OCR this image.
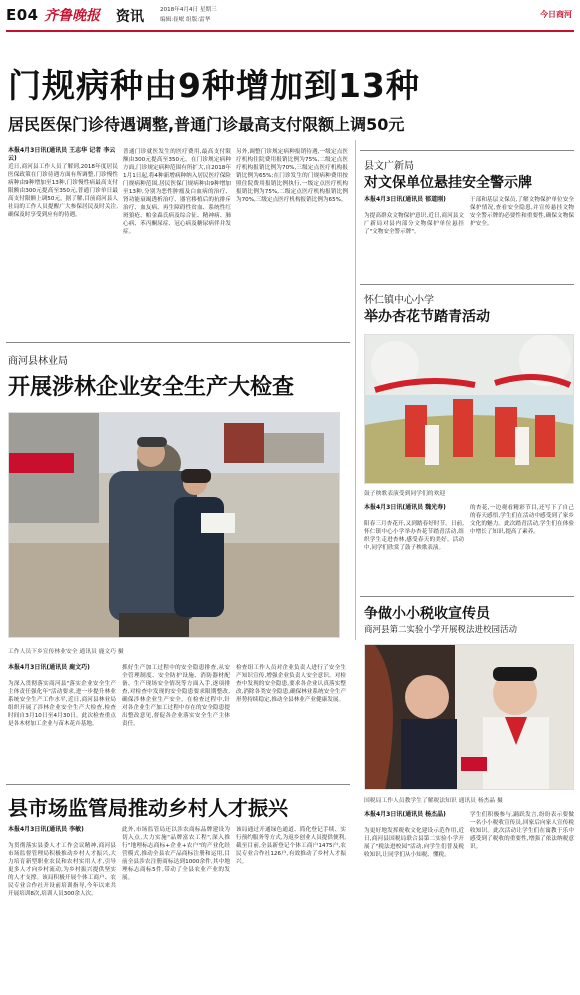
E04 齐鲁晚报 资讯	2018年4月4日 星期三
编辑:崔岷 组版:雷华
今日商河
门规病种由9种增加到13种
居民医保门诊待遇调整,普通门诊最高支付限额上调50元
本报4月3日讯(通讯员 王志华 记者 李云云)
近日,商河县工作人员了解到,2018年度居民医保政策在门诊待遇方面有所调整,门诊慢性病种由9种增加至13种,门诊慢性病最高支付限额由300元提高至350元,普通门诊单日最高支付限额上调50元。据了解,目前商河县人社局的工作人员提醒广大参保居民及时关注,确保及时享受到应有的待遇。
普通门诊就医发生的医疗费用,最高支付限额由300元提高至350元。在门诊规定病种方面,门诊规定病种范围有所扩大,自2018年1月1日起,将4种新增病种纳入居民医疗保险门规病种范围,居民医保门规病种由9种增加至13种,分别为恶性肿瘤及白血病的治疗、肾功能衰竭透析治疗、器官移植后的抗排斥治疗、血友病、再生障碍性贫血、系统性红斑狼疮、帕金森氏病及综合征、精神病、肺心病、苯丙酮尿症、冠心病及糖尿病伴并发症。
另外,调整门诊规定病种报销待遇,一级定点医疗机构住院费用报销比例为75%,二级定点医疗机构报销比例为70%,三级定点医疗机构报销比例为65%;在门诊发生的门规病种费用按照住院费用报销比例执行,一级定点医疗机构报销比例为75%,二级定点医疗机构报销比例为70%,三级定点医疗机构报销比例为65%。
商河县林业局
开展涉林企业安全生产大检查
工作人员下乡宣传林业安全 通讯员 鹿文巧 摄
本报4月3日讯(通讯员 鹿文巧)
为深入贯彻落实商河县"落实企业安全生产主体责任强化年"活动要求,进一步提升林业系统安全生产工作水平,近日,商河县林业局组织开展了涉林企业安全生产大检查,检查时间自3月10日至4月30日。此次检查重点是各木材加工企业与苗木花卉基地。
抓好生产加工过程中的安全隐患排查,从安全管理制度、安全防护设施、消防器材配备、生产现场安全情况等方面入手,逐项排查,对检查中发现的安全隐患要求限期整改,确保涉林企业生产安全。在检查过程中,针对各企业生产加工过程中存在的安全隐患提出整改意见,督促各企业落实安全生产主体责任。
检查组工作人员对企业负责人进行了安全生产知识宣传,增强企业负责人安全意识。对检查中发现的安全隐患,要求各企业认真落实整改,消除各类安全隐患,确保林业系统安全生产形势持续稳定,推动全县林业产业健康发展。
县市场监管局推动乡村人才振兴
本报4月3日讯(通讯员 李敏)
为贯彻落实县委人才工作会议精神,商河县市场监督管理局积极推动乡村人才振兴,大力培育新型职业农民和农村实用人才,引导更多人才向乡村流动,为乡村振兴提供坚实的人才支撑。该局积极开展个体工商户、农民专业合作社开设前培训指导,今年以来共开展培训8次,培训人员300余人次。
此外,市场监管局还以涉农商标品牌建设为切入点,大力实施"品牌富农工程",深入推行"地理标志商标+企业+农户"的产业化经营模式,推动全县农产品商标注册和运用,目前全县涉农注册商标达到1000余件,其中地理标志商标5件,带动了全县农业产业的发展。
该局通过开通绿色通道、简化登记手续、实行预约服务等方式,为返乡创业人员提供便利,截至目前,全县新登记个体工商户1475户,农民专业合作社126户,有效推动了乡村人才振兴。
县文广新局
对文保单位悬挂安全警示牌
本报4月3日讯(通讯员 郁道刚)
为提高群众文物保护意识,近日,商河县文广新局对县内部分文物保护单位悬挂了"文物安全警示牌"。
干部和基层文保员,了解文物保护单位安全保护情况,查看安全隐患,并宣传悬挂文物安全警示牌的必要性和重要性,确保文物保护安全。
怀仁镇中心小学
举办杏花节踏青活动
鼓子秧歌表演受到同学们的欢迎
本报4月3日讯(通讯员 魏光寿)
阳春三月杏花开,又到踏春好时节。日前,怀仁镇中心小学举办杏花节踏青活动,组织学生走进杏林,感受春天的美好。活动中,同学们欣赏了鼓子秧歌表演。
的杏花,一边观看精彩节目,还写下了自己的春天感悟,学生们在活动中感受到了家乡文化的魅力。此次踏青活动,学生们在体验中增长了知识,提高了素养。
争做小小税收宣传员
商河县第二实验小学开展税法进校园活动
国税局工作人员教学生了解税法知识 通讯员 杨杰晶 摄
本报4月3日讯(通讯员 杨杰晶)
为更好地发挥税收文化建设示范作用,近日,商河县国税局联合县第二实验小学开展了"税法进校园"活动,向学生们普及税收知识,让同学们从小知税、懂税。
学生们积极参与,踊跃发言,纷纷表示要做一名小小税收宣传员,回家后向家人宣传税收知识。此次活动让学生们在寓教于乐中感受到了税收的重要性,增强了依法纳税意识。
